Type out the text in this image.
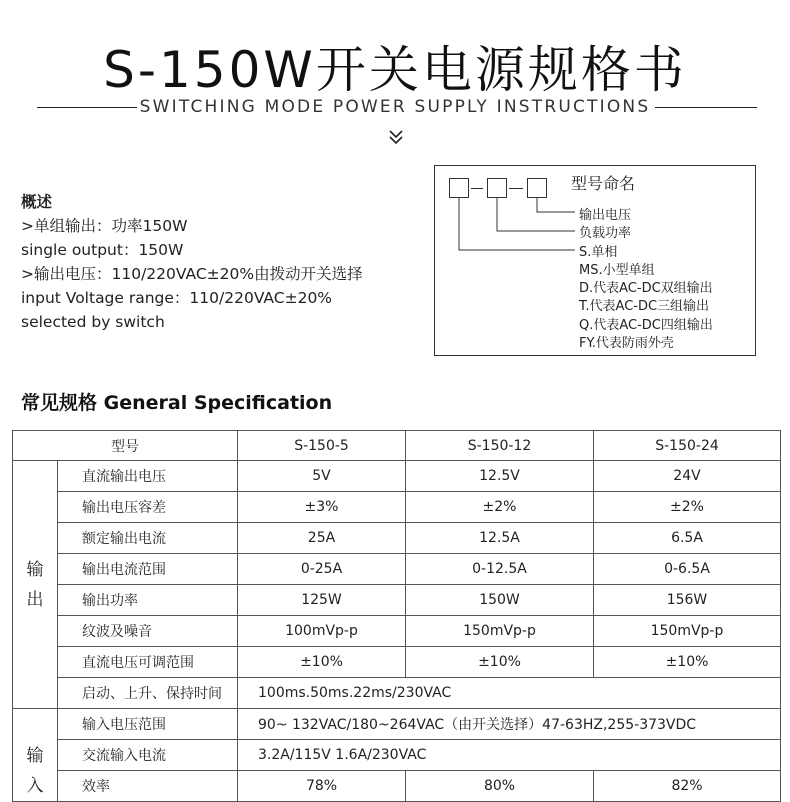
S-150W开关电源规格书
SWITCHING MODE POWER SUPPLY INSTRUCTIONS
概述
>单组输出：功率150W
single output：150W
>输出电压：110/220VAC±20%由拨动开关选择
input Voltage range：110/220VAC±20%
selected by switch
型号命名
输出电压
负载功率
S.单相
MS.小型单组
D.代表AC-DC双组输出
T.代表AC-DC三组输出
Q.代表AC-DC四组输出
FY.代表防雨外壳
常见规格 General Specification
型号		S-150-5	S-150-12	S-150-24
输
出	直流输出电压	5V	12.5V	24V
	输出电压容差	±3%	±2%	±2%
	额定输出电流	25A	12.5A	6.5A
	输出电流范围	0-25A	0-12.5A	0-6.5A
	输出功率	125W	150W	156W
	纹波及噪音	100mVp-p	150mVp-p	150mVp-p
	直流电压可调范围	±10%	±10%	±10%
	启动、上升、保持时间	100ms.50ms.22ms/230VAC		
输
入	输入电压范围	90~ 132VAC/180~264VAC（由开关选择）47-63HZ,255-373VDC		
	交流输入电流	3.2A/115V 1.6A/230VAC		
	效率	78%	80%	82%
